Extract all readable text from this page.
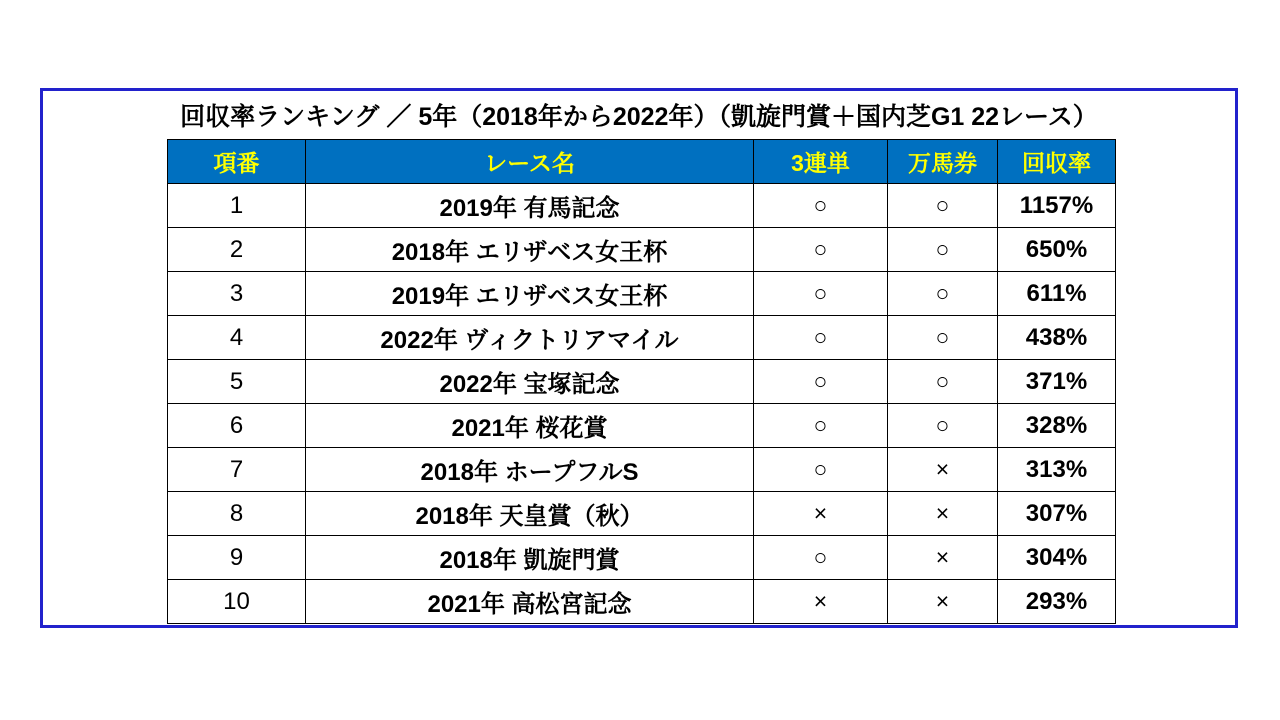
回収率ランキング ／ 5年（2018年から2022年）（凱旋門賞＋国内芝G1 22レース）
項番	レース名	3連単	万馬券	回収率
1	2019年 有馬記念	○	○	1157%
2	2018年 エリザベス女王杯	○	○	650%
3	2019年 エリザベス女王杯	○	○	611%
4	2022年 ヴィクトリアマイル	○	○	438%
5	2022年 宝塚記念	○	○	371%
6	2021年 桜花賞	○	○	328%
7	2018年 ホープフルS	○	×	313%
8	2018年 天皇賞（秋）	×	×	307%
9	2018年 凱旋門賞	○	×	304%
10	2021年 高松宮記念	×	×	293%
